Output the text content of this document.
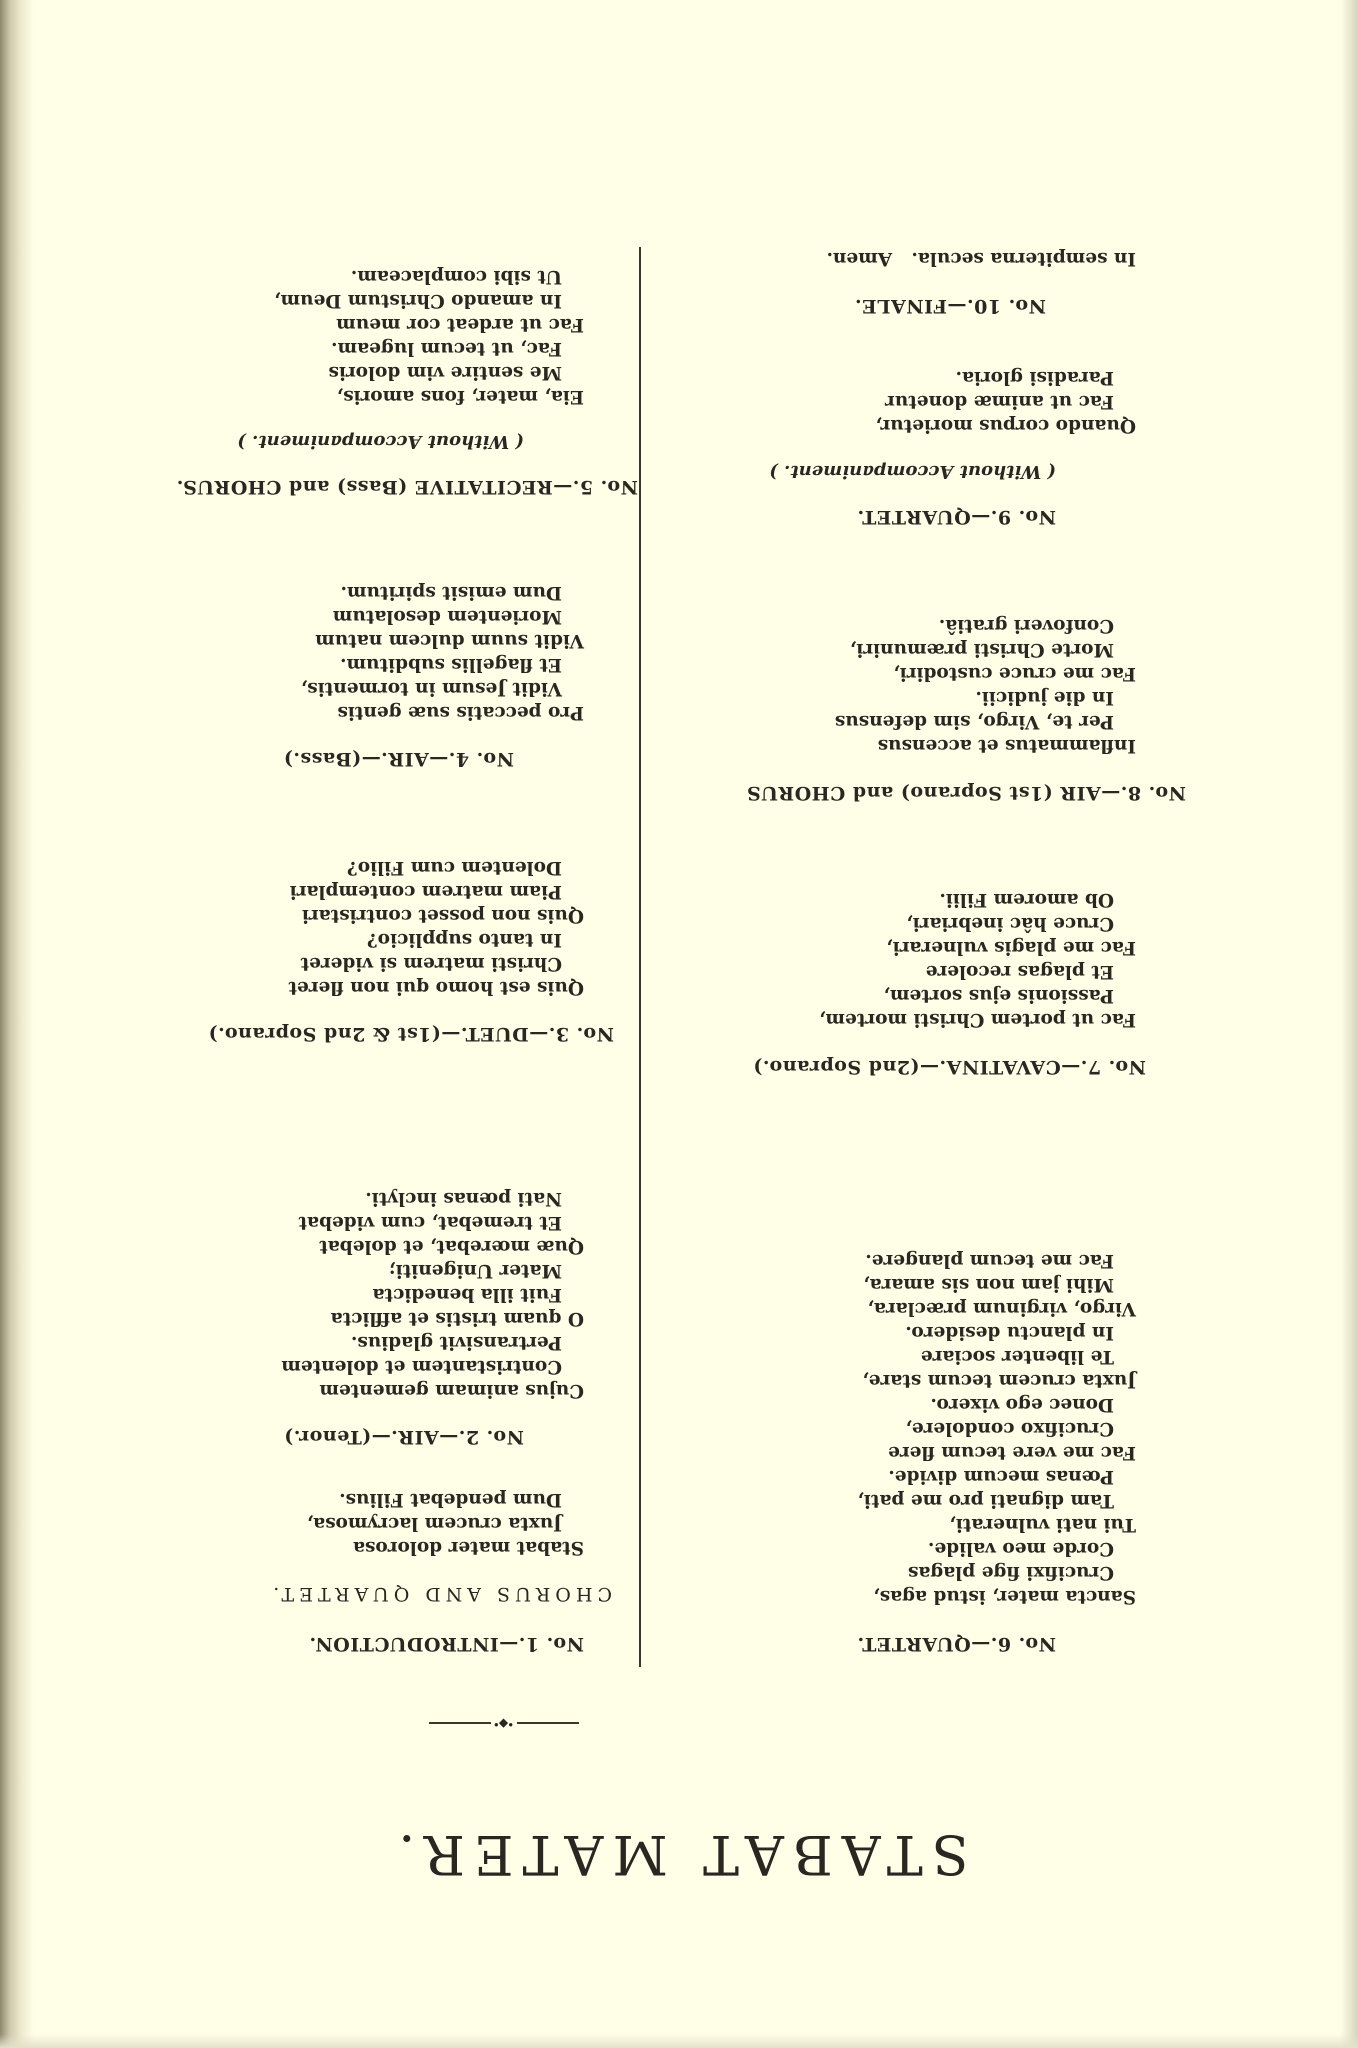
STABAT MATER.
•◆•
No. 1.—INTRODUCTION.
CHORUS AND QUARTET.
Stabat mater dolorosa
Juxta crucem lacrymosa,
Dum pendebat Filius.
No. 2.—AIR.—(Tenor.)
Cujus animam gementem
Contristantem et dolentem
Pertransivit gladius.
O quam tristis et afflicta
Fuit illa benedicta
Mater Unigeniti;
Quæ mœrebat, et dolebat
Et tremebat, cum videbat
Nati pœnas inclyti.
No. 3.—DUET.—(1st & 2nd Soprano.)
Quis est homo qui non fleret
Christi matrem si videret
In tanto supplicio?
Quis non posset contristari
Piam matrem contemplari
Dolentem cum Filio?
No. 4.—AIR.—(Bass.)
Pro peccatis suæ gentis
Vidit Jesum in tormentis,
Et flagellis subditum.
Vidit suum dulcem natum
Morientem desolatum
Dum emisit spiritum.
No. 5.—RECITATIVE (Bass) and CHORUS.
( Without Accompaniment. )
Eia, mater, fons amoris,
Me sentire vim doloris
Fac, ut tecum lugeam.
Fac ut ardeat cor meum
In amando Christum Deum,
Ut sibi complaceam.
No. 6.—QUARTET.
Sancta mater, istud agas,
Crucifixi fige plagas
Corde meo valide.
Tui nati vulnerati,
Tam dignati pro me pati,
Pœnas mecum divide.
Fac me vere tecum flere
Crucifixo condolere,
Donec ego vixero.
Juxta crucem tecum stare,
Te libenter sociare
In planctu desidero.
Virgo, virginum præclara,
Mihi jam non sis amara,
Fac me tecum plangere.
No. 7.—CAVATINA.—(2nd Soprano.)
Fac ut portem Christi mortem,
Passionis ejus sortem,
Et plagas recolere
Fac me plagis vulnerari,
Cruce hâc inebriari,
Ob amorem Filii.
No. 8.—AIR (1st Soprano) and CHORUS
Inflammatus et accensus
Per te, Virgo, sim defensus
In die judicii.
Fac me cruce custodiri,
Morte Christi præmuniri,
Confoveri gratiâ.
No. 9.—QUARTET.
( Without Accompaniment. )
Quando corpus morietur,
Fac ut animæ donetur
Paradisi gloria.
No. 10.—FINALE.
In sempiterna secula.   Amen.
